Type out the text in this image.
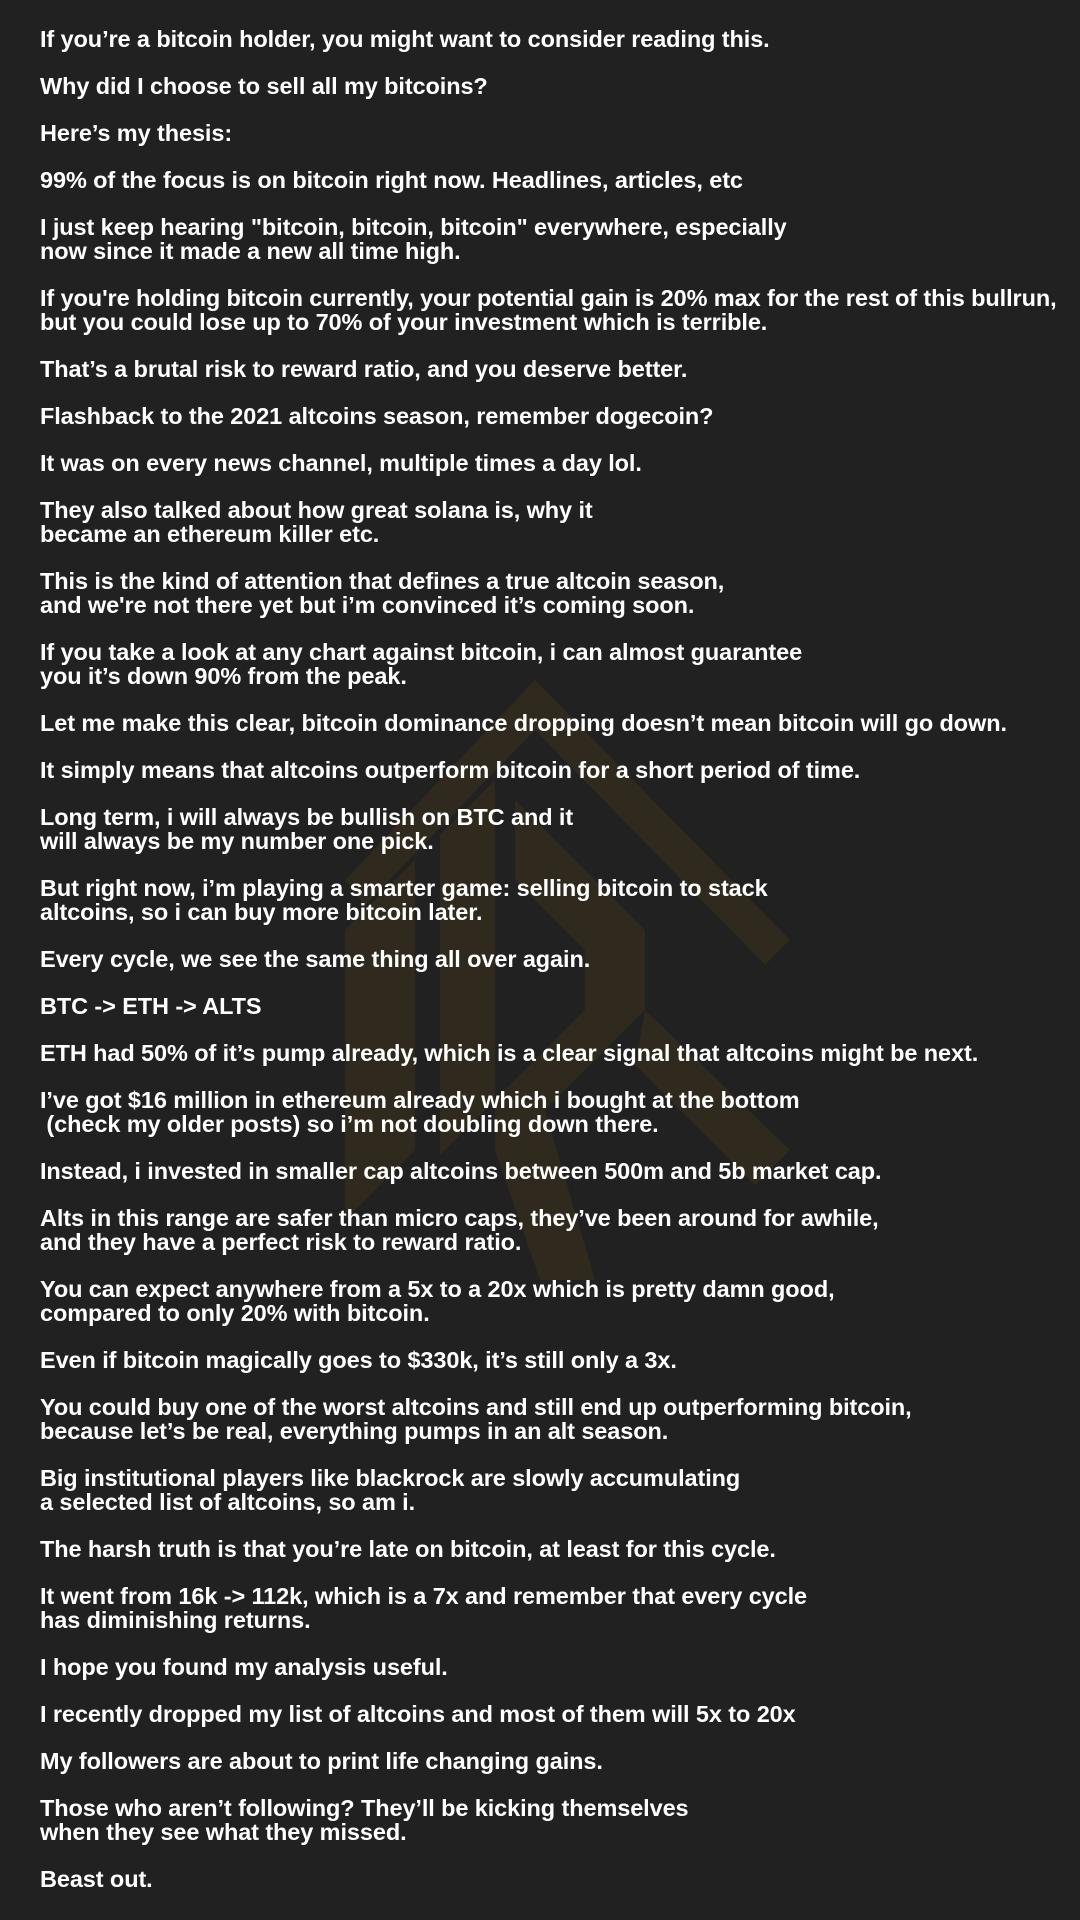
If you’re a bitcoin holder, you might want to consider reading this.
Why did I choose to sell all my bitcoins?
Here’s my thesis:
99% of the focus is on bitcoin right now. Headlines, articles, etc
I just keep hearing "bitcoin, bitcoin, bitcoin" everywhere, especially
now since it made a new all time high.
If you're holding bitcoin currently, your potential gain is 20% max for the rest of this bullrun,
but you could lose up to 70% of your investment which is terrible.
That’s a brutal risk to reward ratio, and you deserve better.
Flashback to the 2021 altcoins season, remember dogecoin?
It was on every news channel, multiple times a day lol.
They also talked about how great solana is, why it
became an ethereum killer etc.
This is the kind of attention that defines a true altcoin season,
and we're not there yet but i’m convinced it’s coming soon.
If you take a look at any chart against bitcoin, i can almost guarantee
you it’s down 90% from the peak.
Let me make this clear, bitcoin dominance dropping doesn’t mean bitcoin will go down.
It simply means that altcoins outperform bitcoin for a short period of time.
Long term, i will always be bullish on BTC and it
will always be my number one pick.
But right now, i’m playing a smarter game: selling bitcoin to stack
altcoins, so i can buy more bitcoin later.
Every cycle, we see the same thing all over again.
BTC -> ETH -> ALTS
ETH had 50% of it’s pump already, which is a clear signal that altcoins might be next.
I’ve got $16 million in ethereum already which i bought at the bottom
(check my older posts) so i’m not doubling down there.
Instead, i invested in smaller cap altcoins between 500m and 5b market cap.
Alts in this range are safer than micro caps, they’ve been around for awhile,
and they have a perfect risk to reward ratio.
You can expect anywhere from a 5x to a 20x which is pretty damn good,
compared to only 20% with bitcoin.
Even if bitcoin magically goes to $330k, it’s still only a 3x.
You could buy one of the worst altcoins and still end up outperforming bitcoin,
because let’s be real, everything pumps in an alt season.
Big institutional players like blackrock are slowly accumulating
a selected list of altcoins, so am i.
The harsh truth is that you’re late on bitcoin, at least for this cycle.
It went from 16k -> 112k, which is a 7x and remember that every cycle
has diminishing returns.
I hope you found my analysis useful.
I recently dropped my list of altcoins and most of them will 5x to 20x
My followers are about to print life changing gains.
Those who aren’t following? They’ll be kicking themselves
when they see what they missed.
Beast out.
